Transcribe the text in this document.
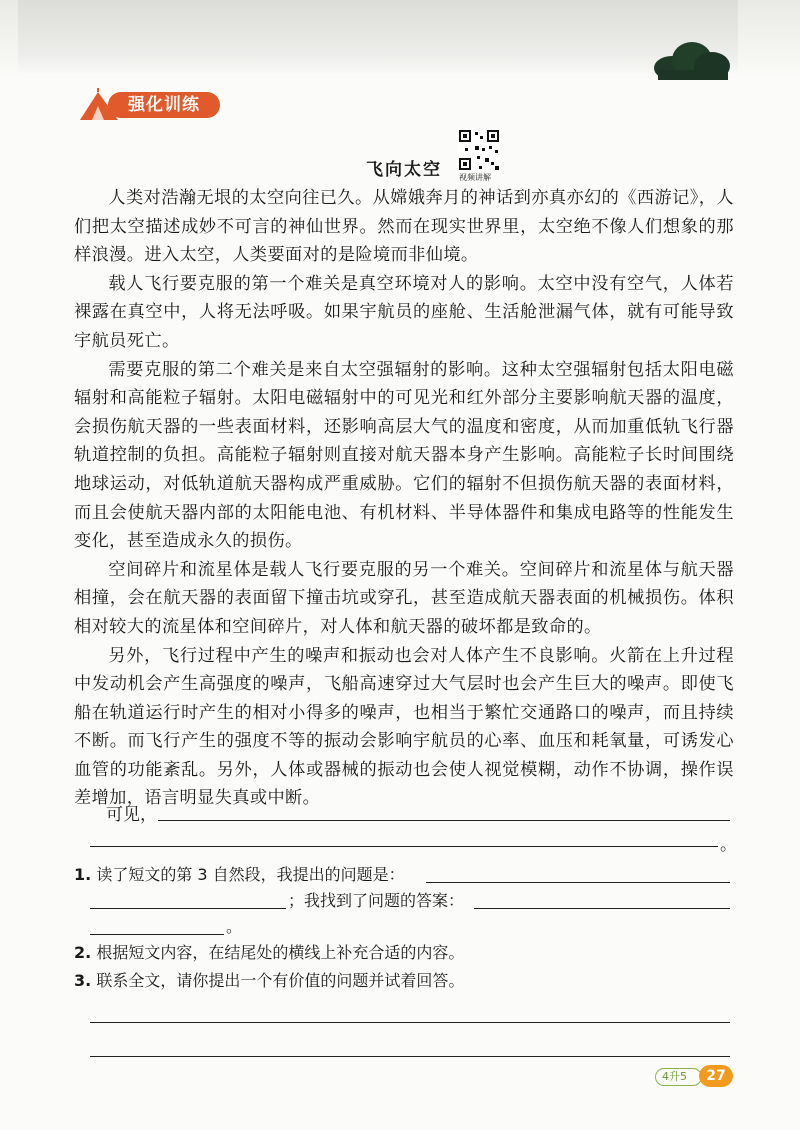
强化训练
飞向太空 视频讲解

人类对浩瀚无垠的太空向往已久。从嫦娥奔月的神话到亦真亦幻的《西游记》，人们把太空描述成妙不可言的神仙世界。然而在现实世界里，太空绝不像人们想象的那样浪漫。进入太空，人类要面对的是险境而非仙境。

载人飞行要克服的第一个难关是真空环境对人的影响。太空中没有空气，人体若裸露在真空中，人将无法呼吸。如果宇航员的座舱、生活舱泄漏气体，就有可能导致宇航员死亡。

需要克服的第二个难关是来自太空强辐射的影响。这种太空强辐射包括太阳电磁辐射和高能粒子辐射。太阳电磁辐射中的可见光和红外部分主要影响航天器的温度，会损伤航天器的一些表面材料，还影响高层大气的温度和密度，从而加重低轨飞行器轨道控制的负担。高能粒子辐射则直接对航天器本身产生影响。高能粒子长时间围绕地球运动，对低轨道航天器构成严重威胁。它们的辐射不但损伤航天器的表面材料，而且会使航天器内部的太阳能电池、有机材料、半导体器件和集成电路等的性能发生变化，甚至造成永久的损伤。

空间碎片和流星体是载人飞行要克服的另一个难关。空间碎片和流星体与航天器相撞，会在航天器的表面留下撞击坑或穿孔，甚至造成航天器表面的机械损伤。体积相对较大的流星体和空间碎片，对人体和航天器的破坏都是致命的。

另外，飞行过程中产生的噪声和振动也会对人体产生不良影响。火箭在上升过程中发动机会产生高强度的噪声，飞船高速穿过大气层时也会产生巨大的噪声。即使飞船在轨道运行时产生的相对小得多的噪声，也相当于繁忙交通路口的噪声，而且持续不断。而飞行产生的强度不等的振动会影响宇航员的心率、血压和耗氧量，可诱发心血管的功能紊乱。另外，人体或器械的振动也会使人视觉模糊，动作不协调，操作误差增加，语言明显失真或中断。

可见，
。
1. 读了短文的第 3 自然段，我提出的问题是：
；我找到了问题的答案：
。
2. 根据短文内容，在结尾处的横线上补充合适的内容。
3. 联系全文，请你提出一个有价值的问题并试着回答。
4升5	27
